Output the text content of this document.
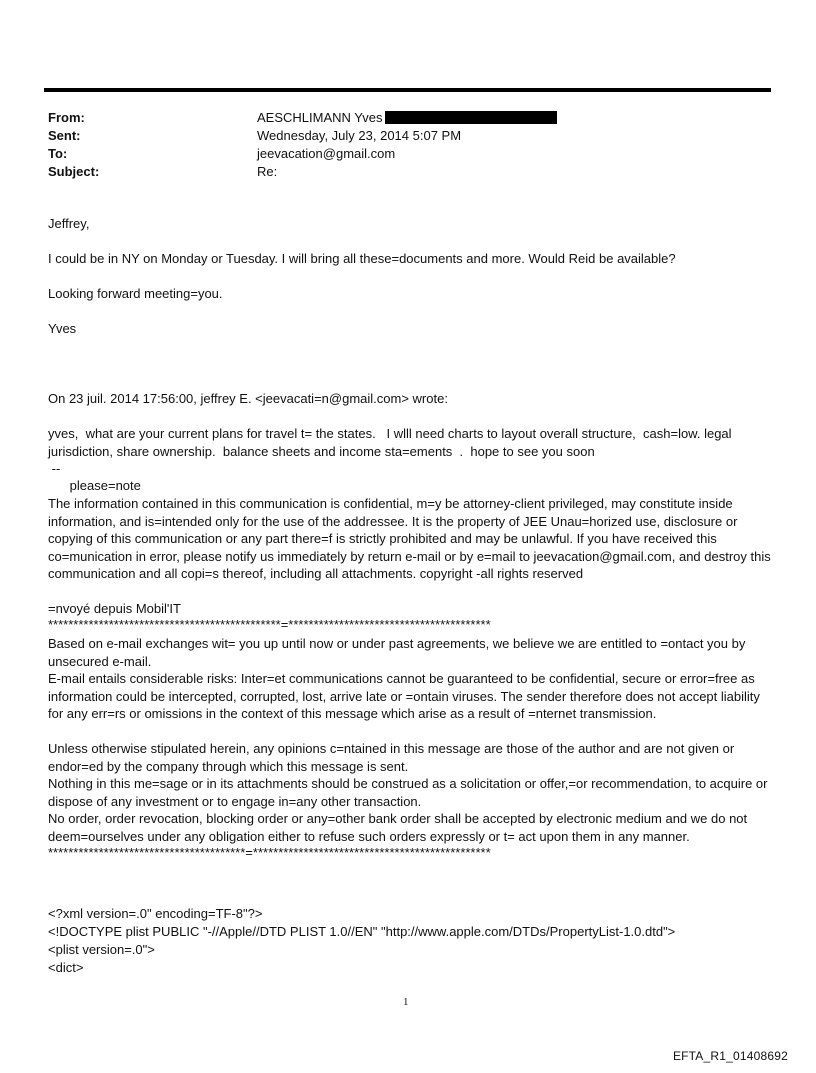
From:	AESCHLIMANN Yves
Sent:	Wednesday, July 23, 2014 5:07 PM
To:	jeevacation@gmail.com
Subject:	Re:

Jeffrey,

I could be in NY on Monday or Tuesday. I will bring all these=documents and more. Would Reid be available?

Looking forward meeting=you.

Yves

On 23 juil. 2014 17:56:00, jeffrey E. <jeevacati=n@gmail.com> wrote:

yves,  what are your current plans for travel t= the states.   I wlll need charts to layout overall structure,  cash=low. legal jurisdiction, share ownership.  balance sheets and income sta=ements  .  hope to see you soon

--

please=note

The information contained in this communication is confidential, m=y be attorney-client privileged, may constitute inside information, and is=intended only for the use of the addressee. It is the property of JEE Unau=horized use, disclosure or copying of this communication or any part there=f is strictly prohibited and may be unlawful. If you have received this co=munication in error, please notify us immediately by return e-mail or by e=mail to jeevacation@gmail.com, and destroy this communication and all copi=s thereof, including all attachments. copyright -all rights reserved

=nvoyé depuis Mobil'IT

**********************************************=****************************************

Based on e-mail exchanges wit= you up until now or under past agreements, we believe we are entitled to =ontact you by unsecured e-mail.

E-mail entails considerable risks: Inter=et communications cannot be guaranteed to be confidential, secure or error=free as information could be intercepted, corrupted, lost, arrive late or =ontain viruses. The sender therefore does not accept liability for any err=rs or omissions in the context of this message which arise as a result of =nternet transmission.

Unless otherwise stipulated herein, any opinions c=ntained in this message are those of the author and are not given or endor=ed by the company through which this message is sent.

Nothing in this me=sage or in its attachments should be construed as a solicitation or offer,=or recommendation, to acquire or dispose of any investment or to engage in=any other transaction.

No order, order revocation, blocking order or any=other bank order shall be accepted by electronic medium and we do not deem=ourselves under any obligation either to refuse such orders expressly or t= act upon them in any manner.

***************************************=***********************************************

<?xml version=.0" encoding=TF-8"?>

<!DOCTYPE plist PUBLIC "-//Apple//DTD PLIST 1.0//EN" "http://www.apple.com/DTDs/PropertyList-1.0.dtd">

<plist version=.0">

<dict>

1
EFTA_R1_01408692
